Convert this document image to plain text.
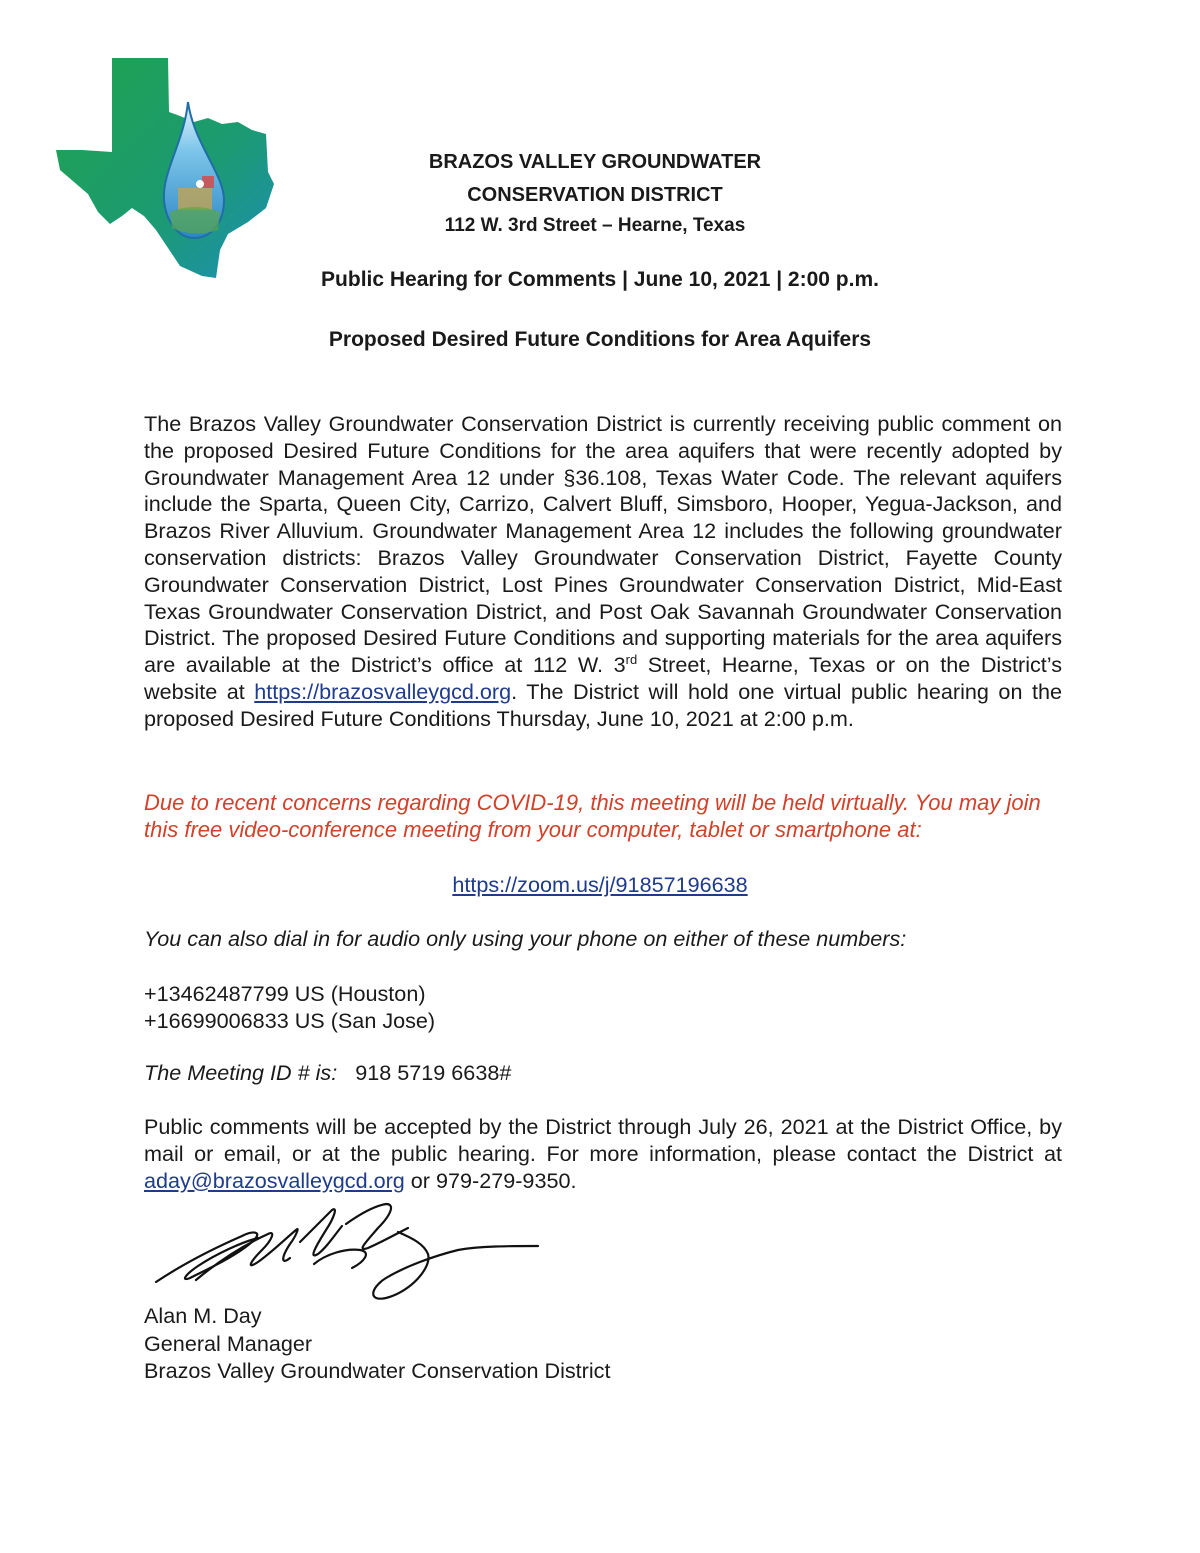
BRAZOS VALLEY GROUNDWATER
CONSERVATION DISTRICT
112 W. 3rd Street – Hearne, Texas
Public Hearing for Comments | June 10, 2021 | 2:00 p.m.
Proposed Desired Future Conditions for Area Aquifers
The Brazos Valley Groundwater Conservation District is currently receiving public comment on the proposed Desired Future Conditions for the area aquifers that were recently adopted by Groundwater Management Area 12 under §36.108, Texas Water Code. The relevant aquifers include the Sparta, Queen City, Carrizo, Calvert Bluff, Simsboro, Hooper, Yegua-Jackson, and Brazos River Alluvium. Groundwater Management Area 12 includes the following groundwater conservation districts: Brazos Valley Groundwater Conservation District, Fayette County Groundwater Conservation District, Lost Pines Groundwater Conservation District, Mid-East Texas Groundwater Conservation District, and Post Oak Savannah Groundwater Conservation District. The proposed Desired Future Conditions and supporting materials for the area aquifers are available at the District’s office at 112 W. 3rd Street, Hearne, Texas or on the District’s website at https://brazosvalleygcd.org. The District will hold one virtual public hearing on the proposed Desired Future Conditions Thursday, June 10, 2021 at 2:00 p.m.
Due to recent concerns regarding COVID-19, this meeting will be held virtually. You may join this free video-conference meeting from your computer, tablet or smartphone at:
https://zoom.us/j/91857196638
You can also dial in for audio only using your phone on either of these numbers:
+13462487799 US (Houston)
+16699006833 US (San Jose)
The Meeting ID # is: 918 5719 6638#
Public comments will be accepted by the District through July 26, 2021 at the District Office, by mail or email, or at the public hearing. For more information, please contact the District at aday@brazosvalleygcd.org or 979-279-9350.
Alan M. Day
General Manager
Brazos Valley Groundwater Conservation District
